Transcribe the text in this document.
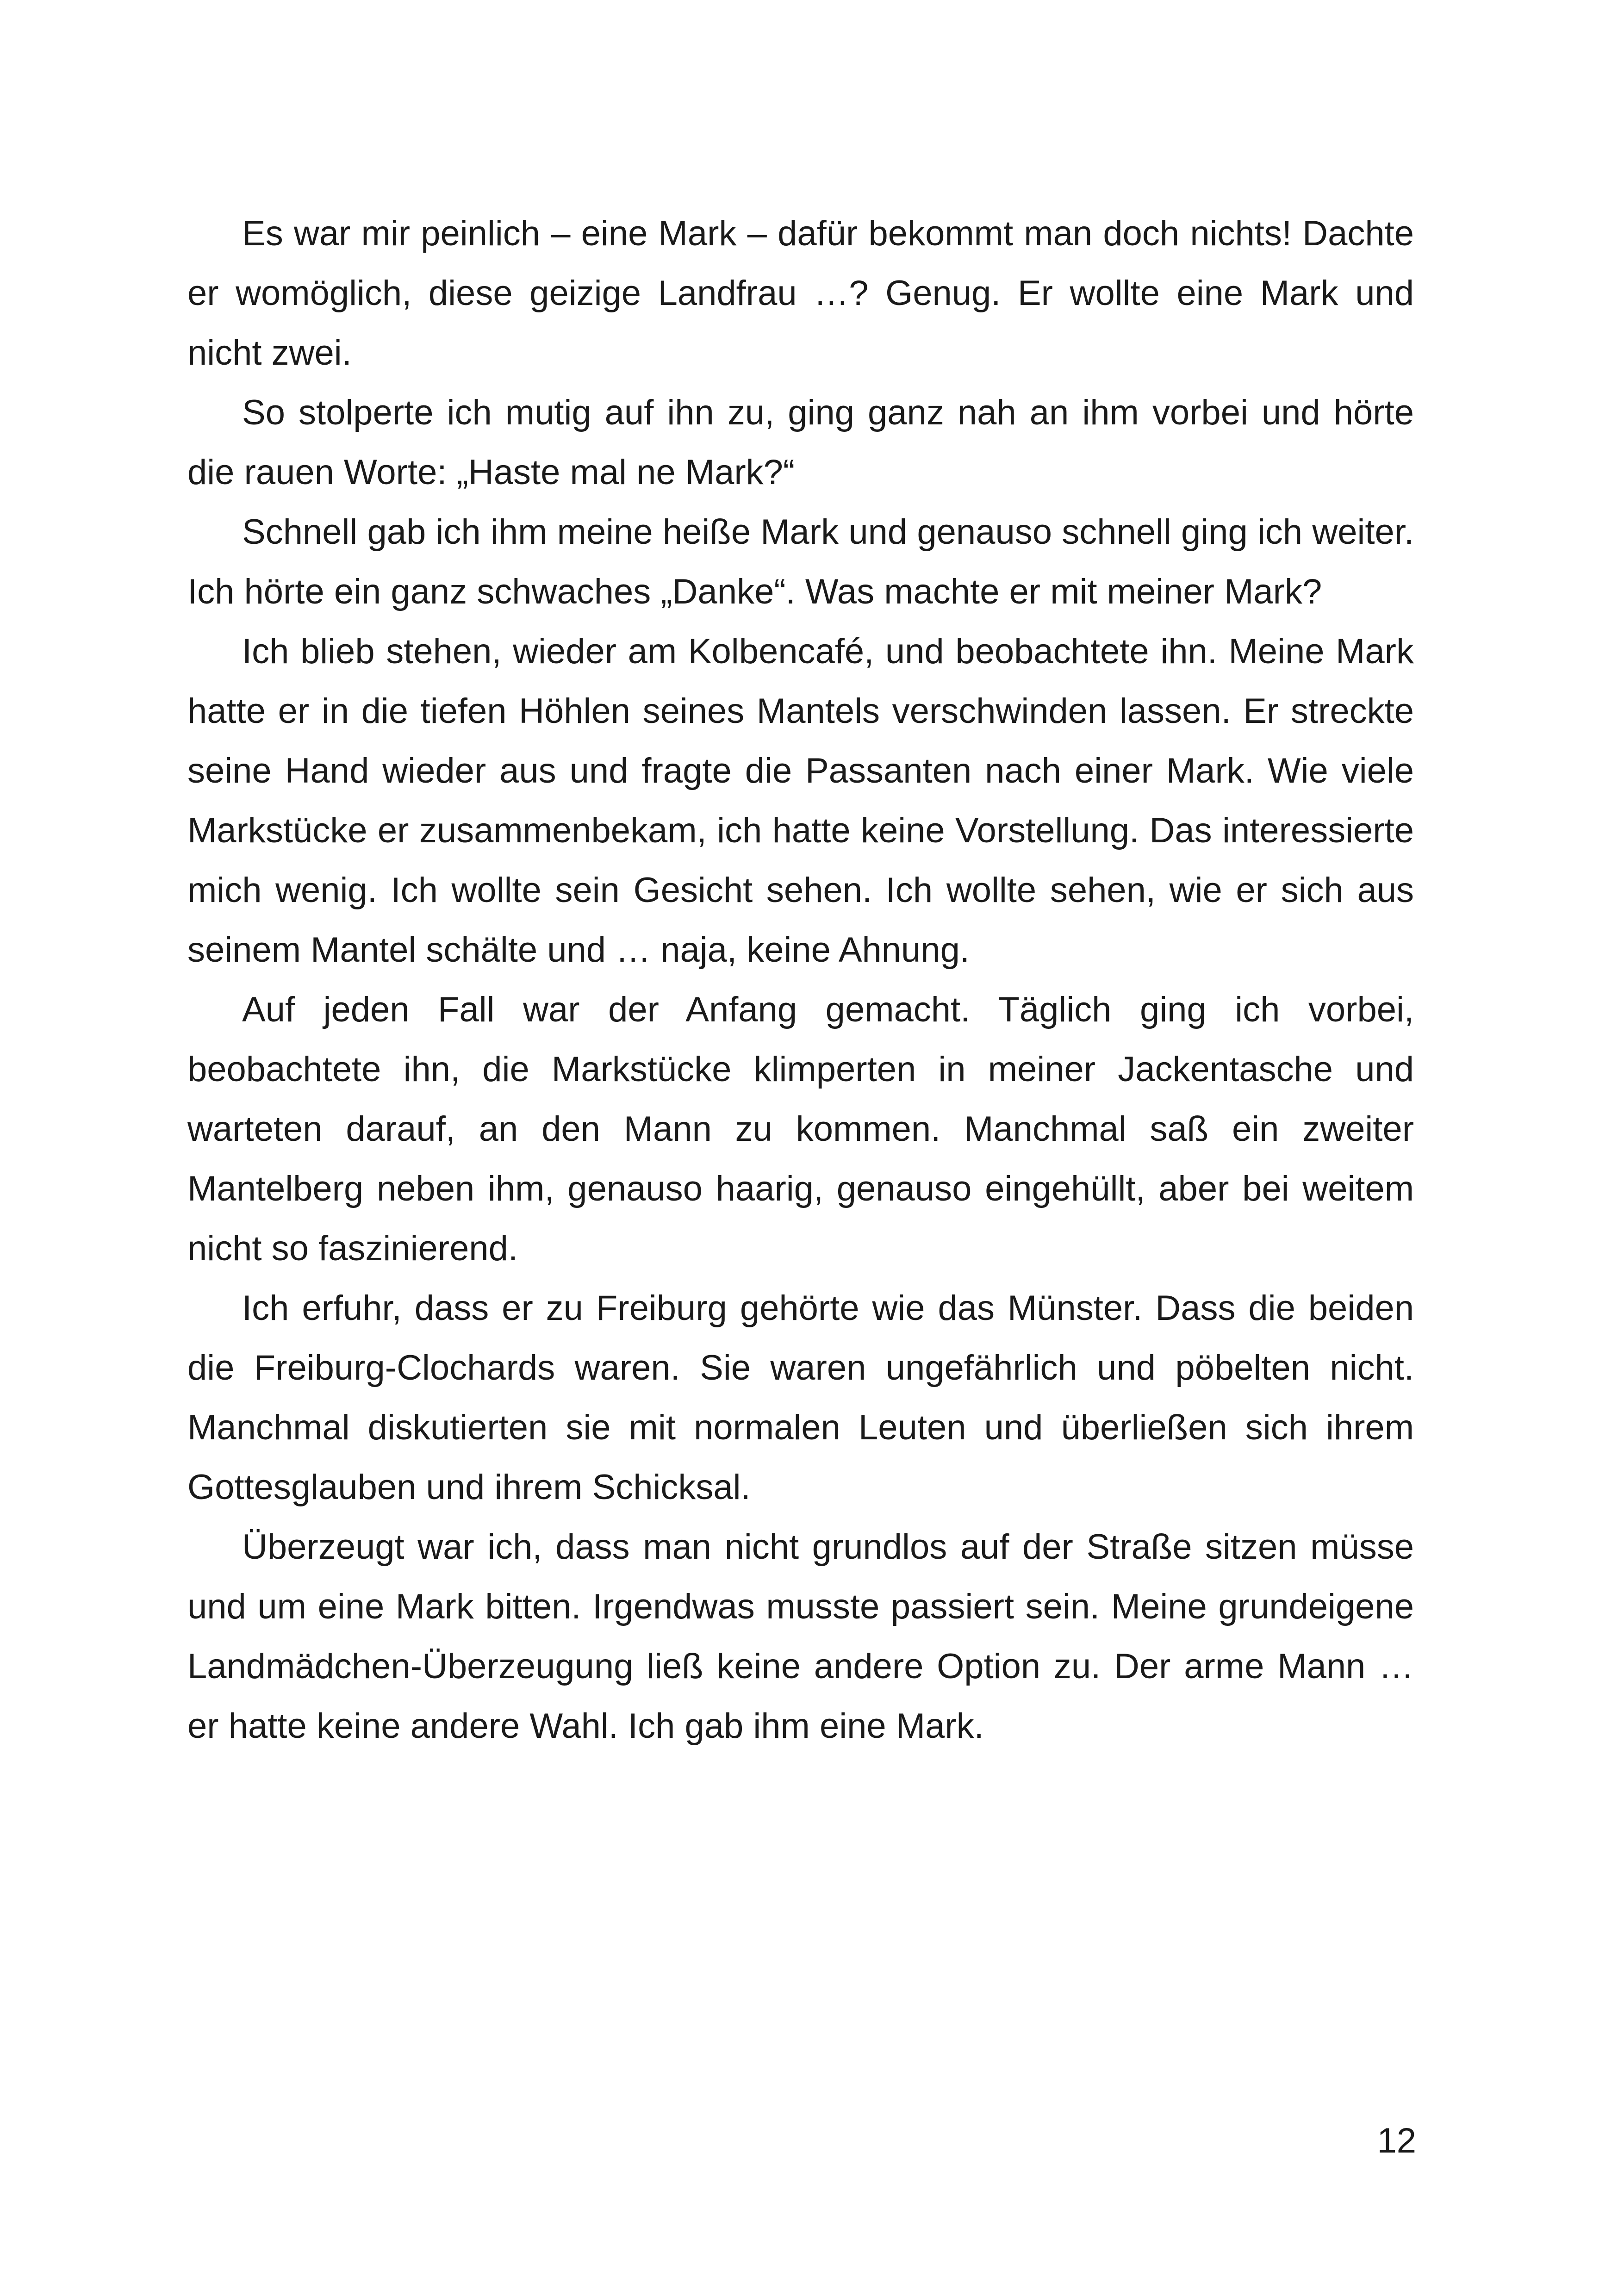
Es war mir peinlich – eine Mark – dafür bekommt man doch nichts! Dachte er womöglich, diese geizige Landfrau …? Genug. Er wollte eine Mark und nicht zwei.

So stolperte ich mutig auf ihn zu, ging ganz nah an ihm vorbei und hörte die rauen Worte: „Haste mal ne Mark?“

Schnell gab ich ihm meine heiße Mark und genauso schnell ging ich weiter. Ich hörte ein ganz schwaches „Danke“. Was machte er mit meiner Mark?

Ich blieb stehen, wieder am Kolbencafé, und beobachtete ihn. Meine Mark hatte er in die tiefen Höhlen seines Mantels verschwinden lassen. Er streckte seine Hand wieder aus und fragte die Passanten nach einer Mark. Wie viele Markstücke er zusammenbekam, ich hatte keine Vorstellung. Das interessierte mich wenig. Ich wollte sein Gesicht sehen. Ich wollte sehen, wie er sich aus seinem Mantel schälte und … naja, keine Ahnung.

Auf jeden Fall war der Anfang gemacht. Täglich ging ich vorbei, beobachtete ihn, die Markstücke klimperten in meiner Jackentasche und warteten darauf, an den Mann zu kommen. Manchmal saß ein zweiter Mantelberg neben ihm, genauso haarig, genauso eingehüllt, aber bei weitem nicht so faszinierend.

Ich erfuhr, dass er zu Freiburg gehörte wie das Münster. Dass die beiden die Freiburg-Clochards waren. Sie waren ungefährlich und pöbelten nicht. Manchmal diskutierten sie mit normalen Leuten und überließen sich ihrem Gottesglauben und ihrem Schicksal.

Überzeugt war ich, dass man nicht grundlos auf der Straße sitzen müsse und um eine Mark bitten. Irgendwas musste passiert sein. Meine grundeigene Landmädchen-Überzeugung ließ keine andere Option zu. Der arme Mann … er hatte keine andere Wahl. Ich gab ihm eine Mark.

12
